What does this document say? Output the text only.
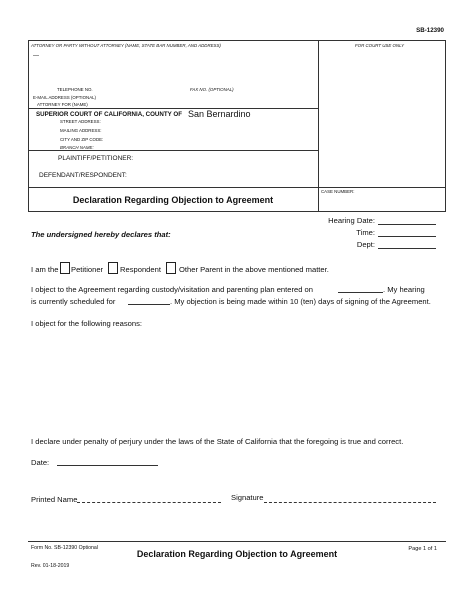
SB-12390
ATTORNEY OR PARTY WITHOUT ATTORNEY (NAME, STATE BAR NUMBER, AND ADDRESS)	FOR COURT USE ONLY
—
TELEPHONE NO.	FAX NO. (OPTIONAL)
E-MAIL ADDRESS (OPTIONAL)
ATTORNEY FOR (NAME)
SUPERIOR COURT OF CALIFORNIA, COUNTY OF San Bernardino
STREET ADDRESS:
MAILING ADDRESS:
CITY AND ZIP CODE:
BRANCH NAME:
PLAINTIFF/PETITIONER:
DEFENDANT/RESPONDENT:
Declaration Regarding Objection to Agreement
CASE NUMBER:
Hearing Date:
Time:
Dept:
The undersigned hereby declares that:
I am the Petitioner Respondent Other Parent in the above mentioned matter.
I object to the Agreement regarding custody/visitation and parenting plan entered on	. My hearing
is currently scheduled for	. My objection is being made within 10 (ten) days of signing of the Agreement.
I object for the following reasons:
I declare under penalty of perjury under the laws of the State of California that the foregoing is true and correct.
Date:
Printed Name	Signature
Form No. SB-12390 Optional
Declaration Regarding Objection to Agreement	Page 1 of 1
Rev. 01-18-2019
